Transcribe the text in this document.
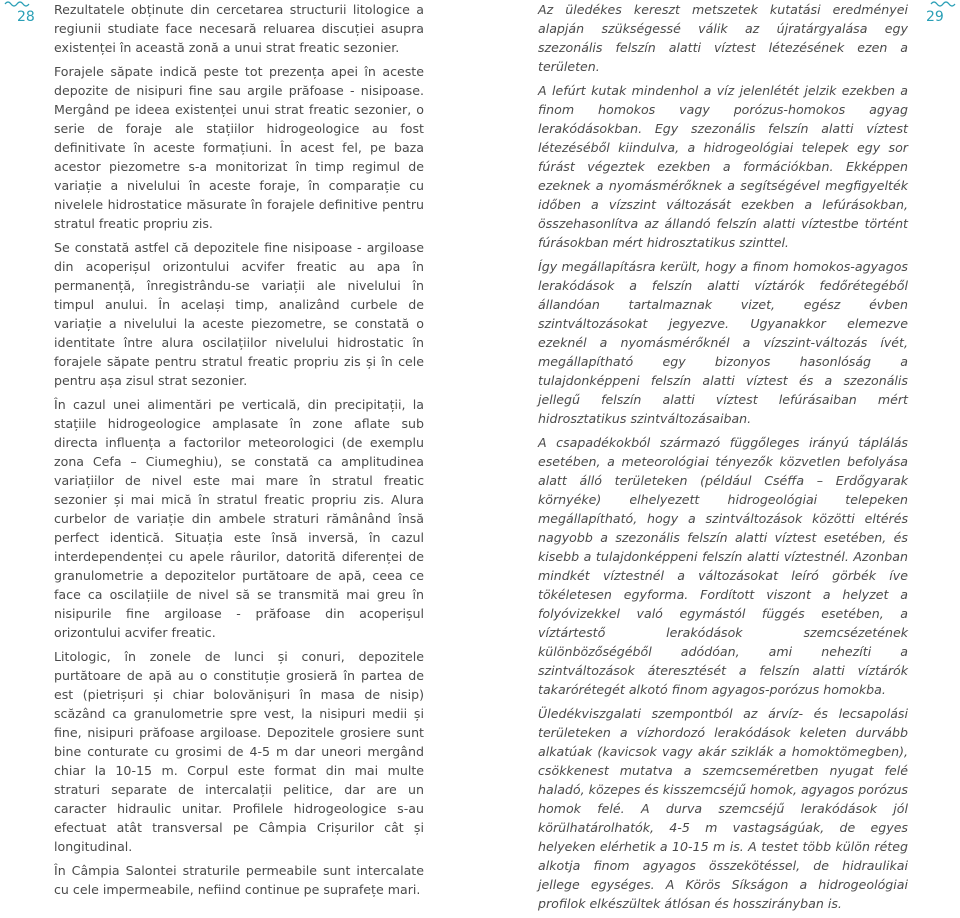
28	29

Rezultatele obținute din cercetarea structurii litologice a regiunii studiate face necesară reluarea discuției asupra existenței în această zonă a unui strat freatic sezonier.

Forajele săpate indică peste tot prezența apei în aceste depozite de nisipuri fine sau argile prăfoase - nisipoase. Mergând pe ideea existenței unui strat freatic sezonier, o serie de foraje ale stațiilor hidrogeologice au fost definitivate în aceste formațiuni. În acest fel, pe baza acestor piezometre s-a monitorizat în timp regimul de variație a nivelului în aceste foraje, în comparație cu nivelele hidrostatice măsurate în forajele definitive pentru stratul freatic propriu zis.

Se constată astfel că depozitele fine nisipoase - argiloase din acoperișul orizontului acvifer freatic au apa în permanență, înregistrându-se variații ale nivelului în timpul anului. În același timp, analizând curbele de variație a nivelului la aceste piezometre, se constată o identitate între alura oscilațiilor nivelului hidrostatic în forajele săpate pentru stratul freatic propriu zis și în cele pentru așa zisul strat sezonier.

În cazul unei alimentări pe verticală, din precipitații, la stațiile hidrogeologice amplasate în zone aflate sub directa influența a factorilor meteorologici (de exemplu zona Cefa – Ciumeghiu), se constată ca amplitudinea variațiilor de nivel este mai mare în stratul freatic sezonier și mai mică în stratul freatic propriu zis. Alura curbelor de variație din ambele straturi rămânând însă perfect identică. Situația este însă inversă, în cazul interdependenței cu apele râurilor, datorită diferenței de granulometrie a depozitelor purtătoare de apă, ceea ce face ca oscilațiile de nivel să se transmită mai greu în nisipurile fine argiloase - prăfoase din acoperișul orizontului acvifer freatic.

Litologic, în zonele de lunci și conuri, depozitele purtătoare de apă au o constituție grosieră în partea de est (pietrișuri și chiar bolovănișuri în masa de nisip) scăzând ca granulometrie spre vest, la nisipuri medii și fine, nisipuri prăfoase argiloase. Depozitele grosiere sunt bine conturate cu grosimi de 4-5 m dar uneori mergând chiar la 10-15 m. Corpul este format din mai multe straturi separate de intercalații pelitice, dar are un caracter hidraulic unitar. Profilele hidrogeologice s-au efectuat atât transversal pe Câmpia Crișurilor cât și longitudinal.

În Câmpia Salontei straturile permeabile sunt intercalate cu cele impermeabile, nefiind continue pe suprafețe mari.

Az üledékes kereszt metszetek kutatási eredményei alapján szükségessé válik az újratárgyalása egy szezonális felszín alatti víztest létezésének ezen a területen.

A lefúrt kutak mindenhol a víz jelenlétét jelzik ezekben a finom homokos vagy porózus-homokos agyag lerakódásokban. Egy szezonális felszín alatti víztest létezéséből kiindulva, a hidrogeológiai telepek egy sor fúrást végeztek ezekben a formációkban. Ekképpen ezeknek a nyomásmérőknek a segítségével megfigyelték időben a vízszint változását ezekben a lefúrásokban, összehasonlítva az állandó felszín alatti víztestbe történt fúrásokban mért hidrosztatikus szinttel.

Így megállapításra került, hogy a finom homokos-agyagos lerakódások a felszín alatti víztárók fedőrétegéből állandóan tartalmaznak vizet, egész évben szintváltozásokat jegyezve. Ugyanakkor elemezve ezeknél a nyomásmérőknél a vízszint-változás ívét, megállapítható egy bizonyos hasonlóság a tulajdonképpeni felszín alatti víztest és a szezonális jellegű felszín alatti víztest lefúrásaiban mért hidrosztatikus szintváltozásaiban.

A csapadékokból származó függőleges irányú táplálás esetében, a meteorológiai tényezők közvetlen befolyása alatt álló területeken (például Cséffa – Erdőgyarak környéke) elhelyezett hidrogeológiai telepeken megállapítható, hogy a szintváltozások közötti eltérés nagyobb a szezonális felszín alatti víztest esetében, és kisebb a tulajdonképpeni felszín alatti víztestnél. Azonban mindkét víztestnél a változásokat leíró görbék íve tökéletesen egyforma. Fordított viszont a helyzet a folyóvizekkel való egymástól függés esetében, a víztártestő lerakódások szemcsézetének különbözőségéből adódóan, ami nehezíti a szintváltozások áteresztését a felszín alatti víztárók takarórétegét alkotó finom agyagos-porózus homokba.

Üledékviszgalati szempontból az árvíz- és lecsapolási területeken a vízhordozó lerakódások keleten durvább alkatúak (kavicsok vagy akár sziklák a homoktömegben), csökkenest mutatva a szemcseméretben nyugat felé haladó, közepes és kisszemcséjű homok, agyagos porózus homok felé. A durva szemcséjű lerakódások jól körülhatárolhatók, 4-5 m vastagságúak, de egyes helyeken elérhetik a 10-15 m is. A testet több külön réteg alkotja finom agyagos összekötéssel, de hidraulikai jellege egységes. A Körös Síkságon a hidrogeológiai profilok elkészültek átlósan és hosszirányban is.
